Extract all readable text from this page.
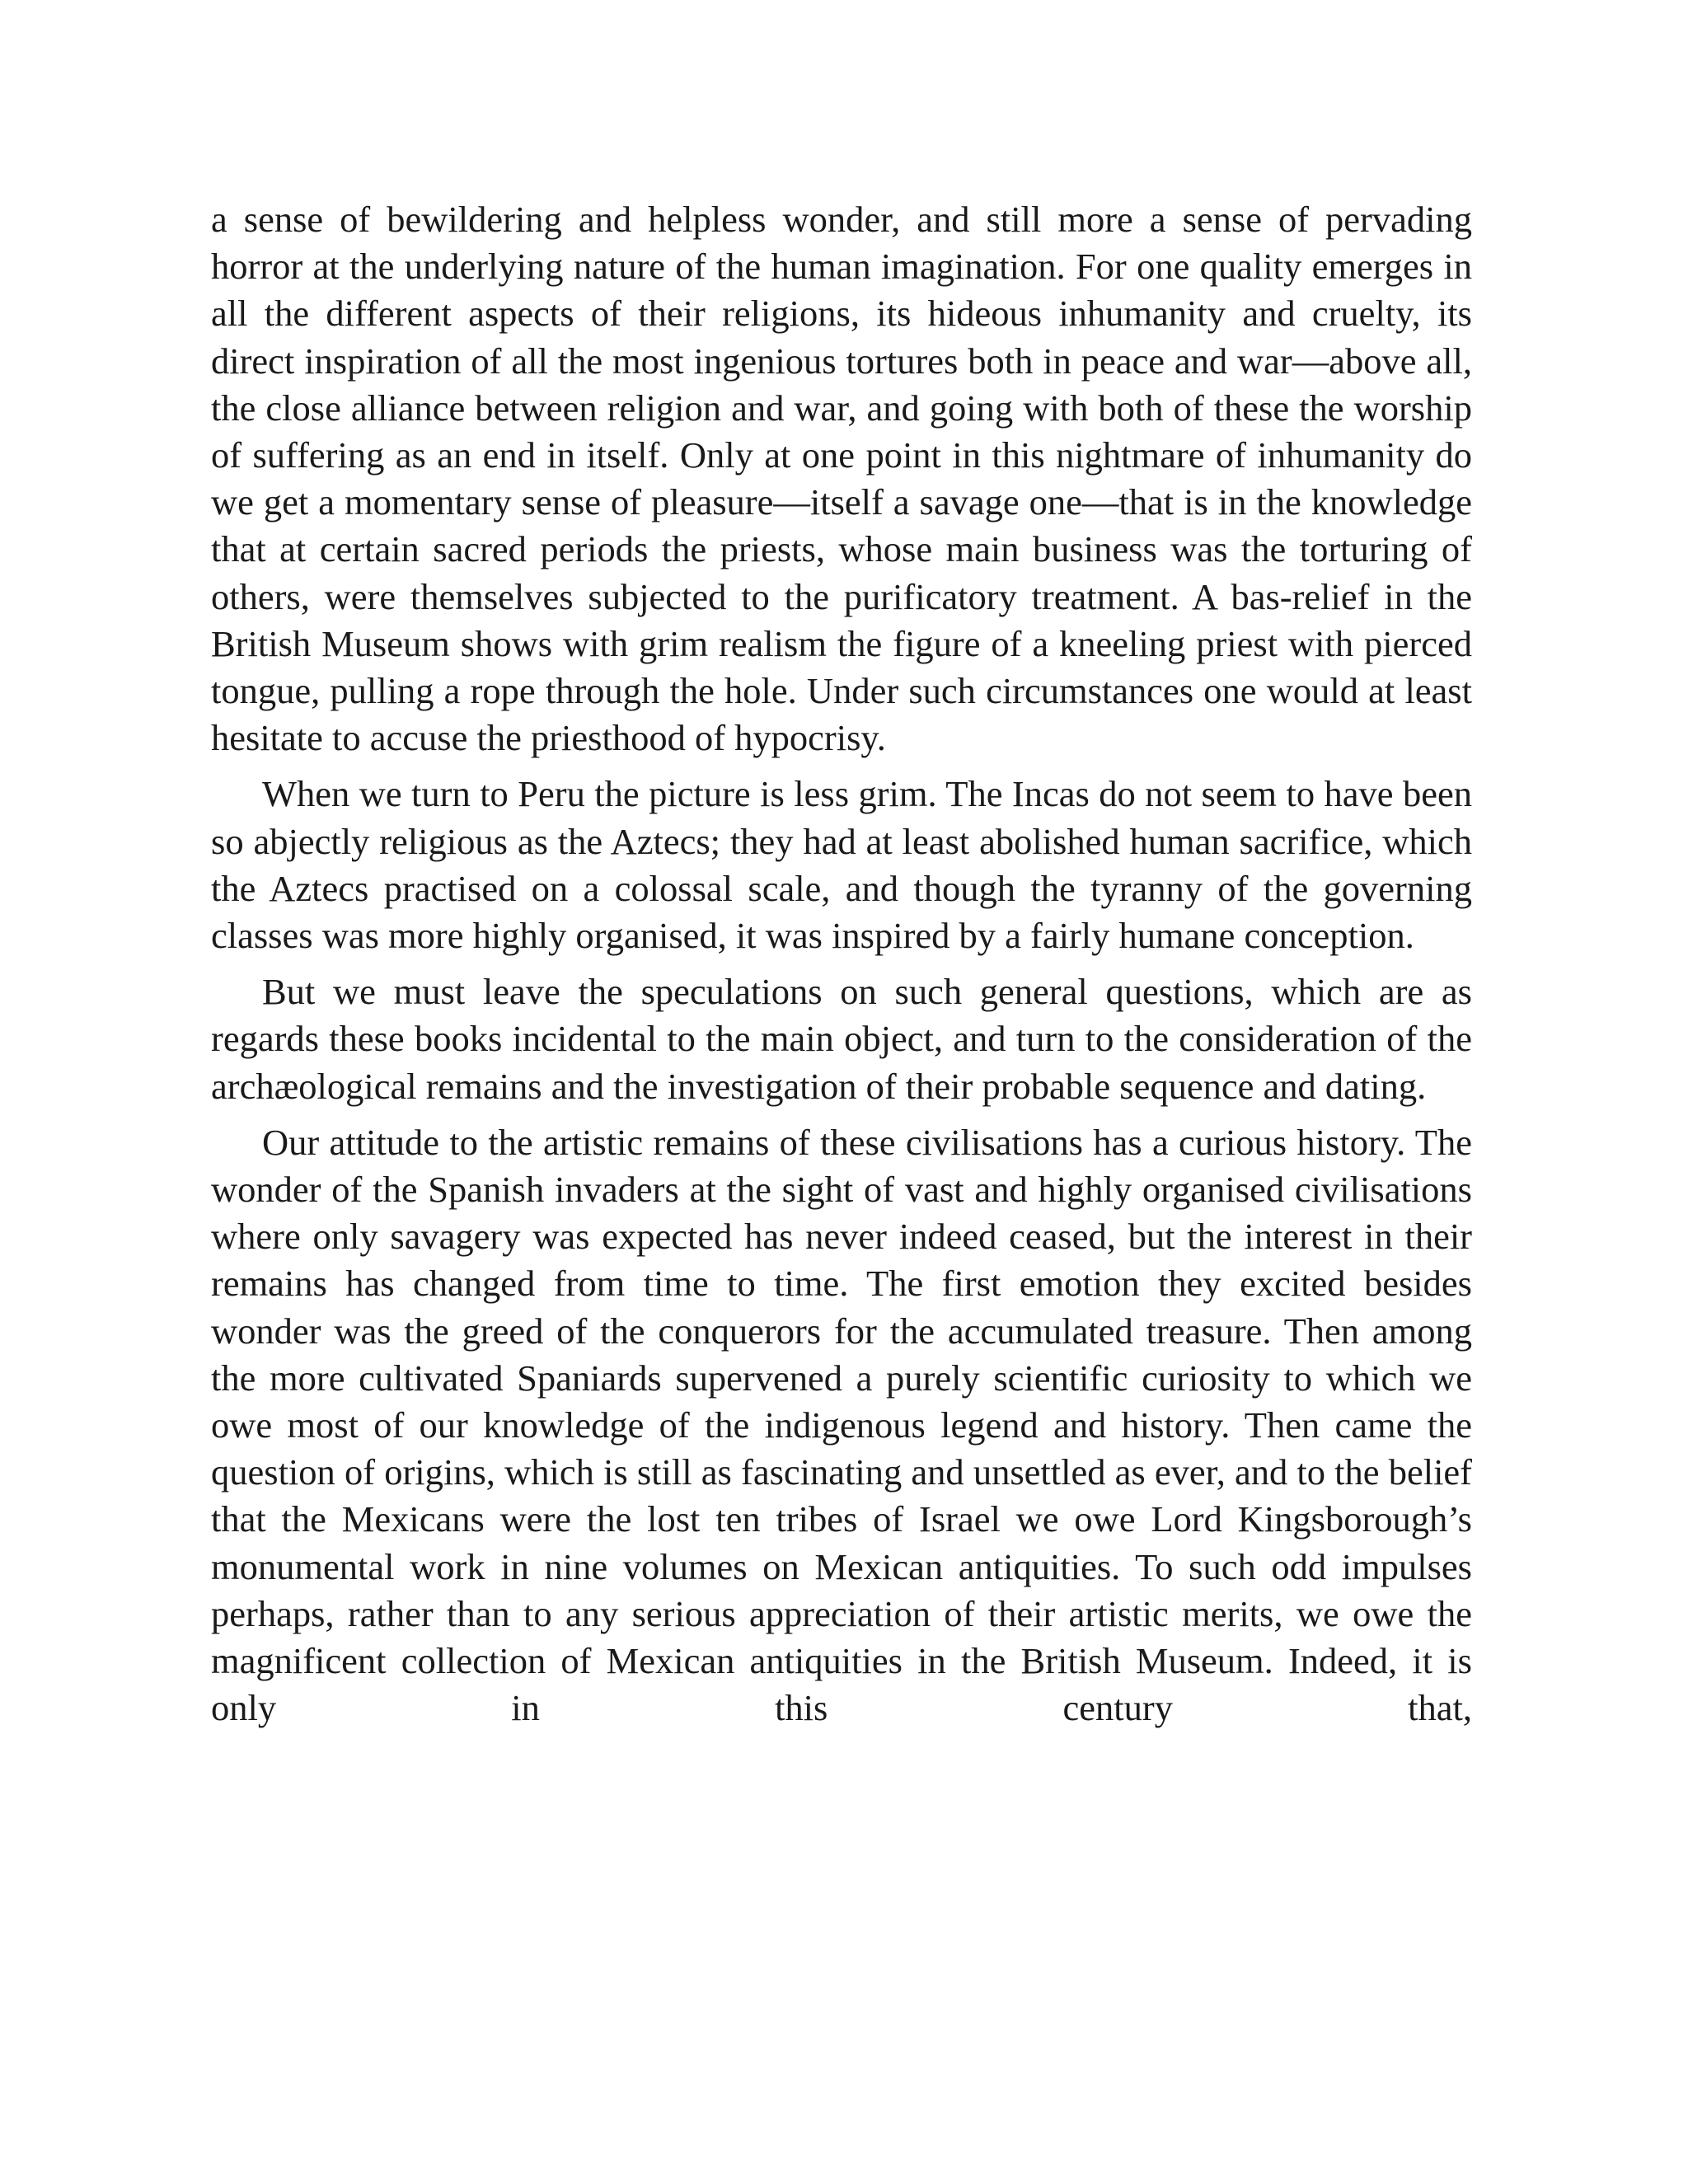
a sense of bewildering and helpless wonder, and still more a sense of pervading horror at the underlying nature of the human imagination. For one quality emerges in all the different aspects of their religions, its hideous inhumanity and cruelty, its direct inspiration of all the most ingenious tortures both in peace and war—above all, the close alliance between religion and war, and going with both of these the worship of suffering as an end in itself. Only at one point in this nightmare of inhumanity do we get a momentary sense of pleasure—itself a savage one—that is in the knowledge that at certain sacred periods the priests, whose main business was the torturing of others, were themselves subjected to the purificatory treatment. A bas-relief in the British Museum shows with grim realism the figure of a kneeling priest with pierced tongue, pulling a rope through the hole. Under such circumstances one would at least hesitate to accuse the priesthood of hypocrisy.

When we turn to Peru the picture is less grim. The Incas do not seem to have been so abjectly religious as the Aztecs; they had at least abolished human sacrifice, which the Aztecs practised on a colossal scale, and though the tyranny of the governing classes was more highly organised, it was inspired by a fairly humane conception.

But we must leave the speculations on such general questions, which are as regards these books incidental to the main object, and turn to the consideration of the archæological remains and the investigation of their probable sequence and dating.

Our attitude to the artistic remains of these civilisations has a curious history. The wonder of the Spanish invaders at the sight of vast and highly organised civilisations where only savagery was expected has never indeed ceased, but the interest in their remains has changed from time to time. The first emotion they excited besides wonder was the greed of the conquerors for the accumulated treasure. Then among the more cultivated Spaniards supervened a purely scientific curiosity to which we owe most of our knowledge of the indigenous legend and history. Then came the question of origins, which is still as fascinating and unsettled as ever, and to the belief that the Mexicans were the lost ten tribes of Israel we owe Lord Kingsborough’s monumental work in nine volumes on Mexican antiquities. To such odd impulses perhaps, rather than to any serious appreciation of their artistic merits, we owe the magnificent collection of Mexican antiquities in the British Museum. Indeed, it is only in this century that,
